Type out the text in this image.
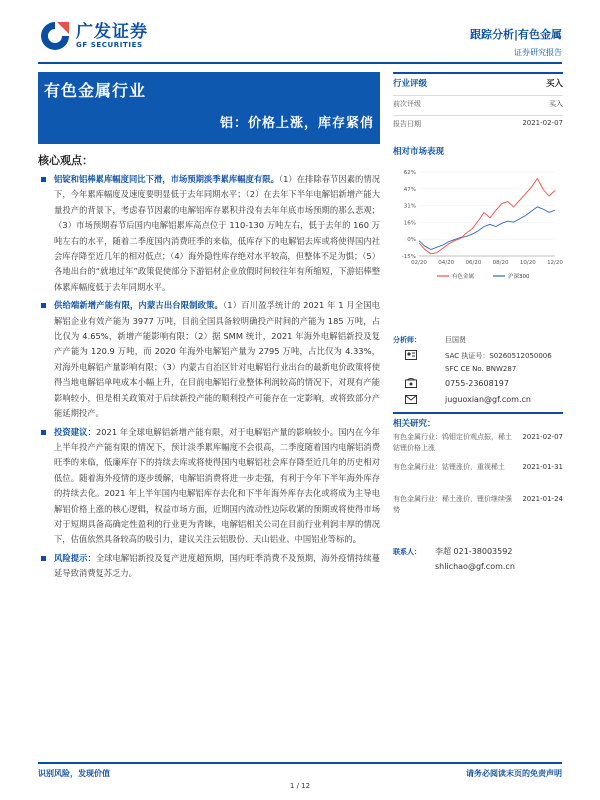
广发证券
GF SECURITIES
跟踪分析|有色金属
证券研究报告
有色金属行业
铝：价格上涨，库存紧俏
核心观点：
铝锭和铝棒累库幅度同比下滑，市场预期淡季累库幅度有限。（1）在排除春节因素的情况下，今年累库幅度及速度要明显低于去年同期水平；（2）在去年下半年电解铝新增产能大量投产的背景下，考虑春节因素的电解铝库存累积并没有去年年底市场预期的那么悲观；（3）市场预期春节后国内电解铝累库高点位于 110-130 万吨左右，低于去年的 160 万吨左右的水平，随着二季度国内消费旺季的来临，低库存下的电解铝去库或将使得国内社会库存降至近几年的相对低点；（4）海外隐性库存绝对水平较高，但整体不足为惧；（5）各地出台的“就地过年”政策促使部分下游铝材企业放假时间较往年有所缩短，下游铝棒整体累库幅度低于去年同期水平。
供给端新增产能有限，内蒙古出台限制政策。（1）百川盈孚统计的 2021 年 1 月全国电解铝企业有效产能为 3977 万吨，目前全国具备较明确投产时间的产能为 185 万吨，占比仅为 4.65%，新增产能影响有限；（2）据 SMM 统计，2021 年海外电解铝新投及复产产能为 120.9 万吨，而 2020 年海外电解铝产量为 2795 万吨，占比仅为 4.33%，对海外电解铝产量影响有限；（3）内蒙古自治区针对电解铝行业出台的最新电价政策将使得当地电解铝单吨成本小幅上升，在目前电解铝行业整体利润较高的情况下，对现有产能影响较小，但是相关政策对于后续新投产能的顺利投产可能存在一定影响，或将致部分产能延期投产。
投资建议：2021 年全球电解铝新增产能有限，对于电解铝产量的影响较小。国内在今年上半年投产产能有限的情况下，预计淡季累库幅度不会很高，二季度随着国内电解铝消费旺季的来临，低廉库存下的持续去库或将使得国内电解铝社会库存降至近几年的历史相对低位。随着海外疫情的逐步缓解，电解铝消费将进一步走强，有利于今年下半年海外库存的持续去化。2021 年上半年国内电解铝库存去化和下半年海外库存去化或将成为主导电解铝价格上涨的核心逻辑，权益市场方面，近期国内流动性边际收紧的预期或将使得市场对于短期具备高确定性盈利的行业更为青睐，电解铝相关公司在目前行业利润丰厚的情况下，估值依然具备较高的吸引力，建议关注云铝股份、天山铝业、中国铝业等标的。
风险提示：全球电解铝新投及复产进度超预期，国内旺季消费不及预期，海外疫情持续蔓延导致消费复苏乏力。
行业评级	买入
前次评级	买入
报告日期	2021-02-07
相对市场表现
62%
47%
31%
16%
0%
-15%
02/20 04/20 06/20 08/20 10/20 12/20
有色金属	沪深300
分析师：	巨国贤
SAC 执证号：S0260512050006
SFC CE No. BNW287
0755-23608197
juguoxian@gf.com.cn
相关研究：
有色金属行业：钨钼定价观点振，稀土钴锂价格上涨
2021-02-07
有色金属行业：钴锂涨价，重视稀土	2021-01-31
有色金属行业：稀土涨价，锂价继续强势
2021-01-24
联系人：	李超 021-38003592
shlichao@gf.com.cn
识别风险，发现价值	请务必阅读末页的免责声明
1 / 12
